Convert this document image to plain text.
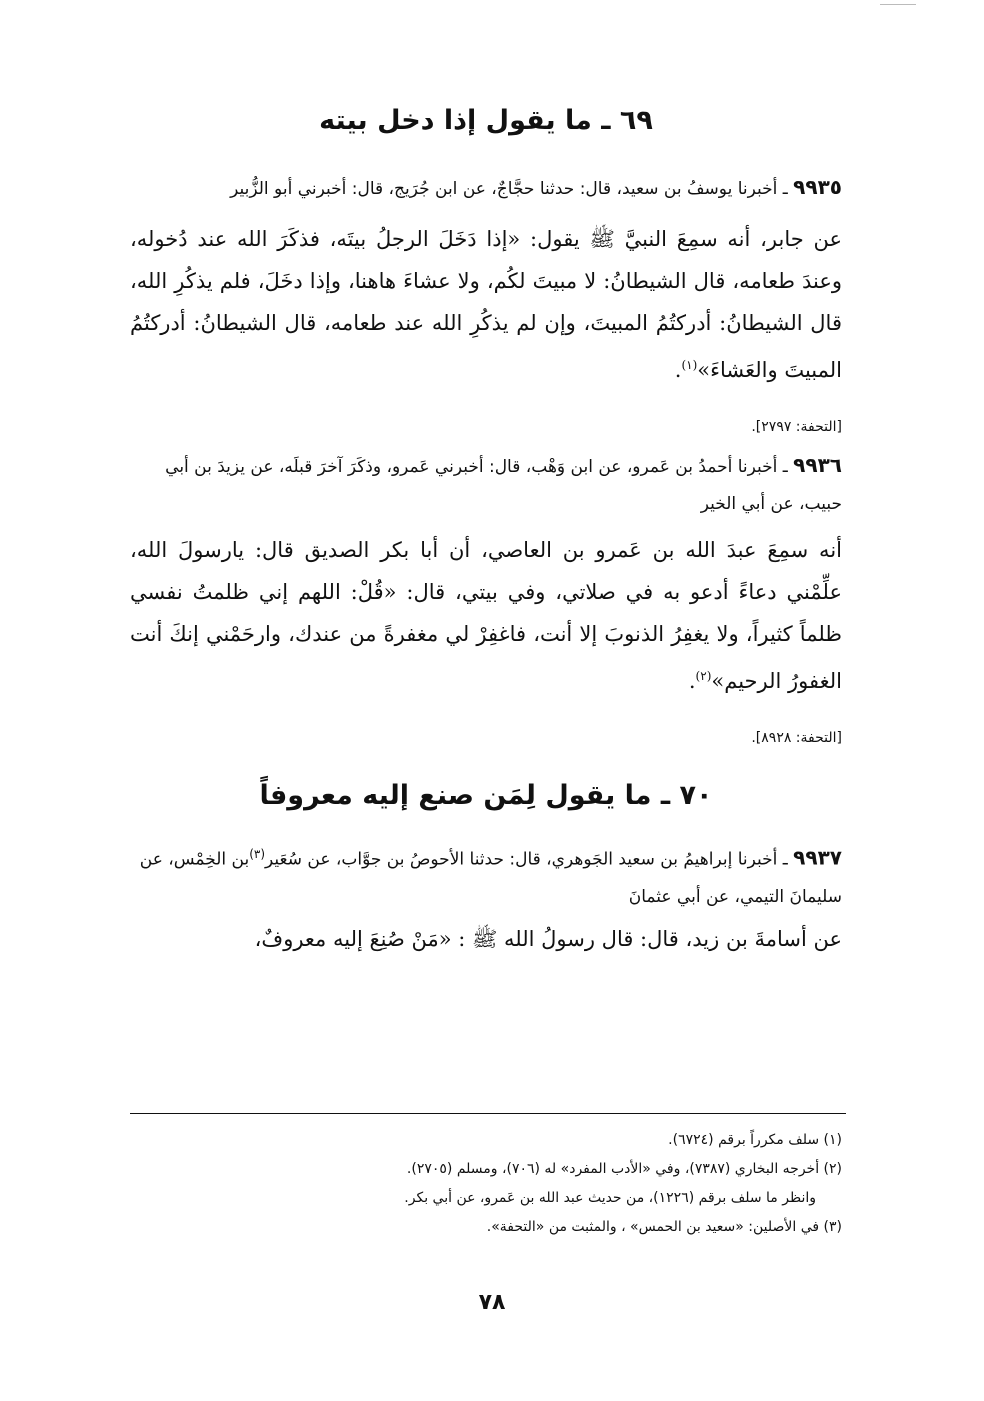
٦٩ ـ ما يقول إذا دخل بيته

٩٩٣٥ ـ أخبرنا يوسفُ بن سعيد، قال: حدثنا حجَّاجٌ، عن ابن جُرَيج، قال: أخبرني أبو الزُّبير

عن جابر، أنه سمِعَ النبيَّ ﷺ يقول: «إذا دَخَلَ الرجلُ بيتَه، فذكَرَ الله عند دُخوله، وعندَ طعامه، قال الشيطانُ: لا مبيتَ لكُم، ولا عشاءَ هاهنا، وإذا دخَلَ، فلم يذكُرِ الله، قال الشيطانُ: أدركتُمُ المبيتَ، وإن لم يذكُرِ الله عند طعامه، قال الشيطانُ: أدركتُمُ المبيتَ والعَشاءَ»$^{(١)}$.

[التحفة: ٢٧٩٧].

٩٩٣٦ ـ أخبرنا أحمدُ بن عَمرو، عن ابن وَهْب، قال: أخبرني عَمرو، وذكَرَ آخرَ قبلَه، عن يزيدَ بن أبي حبيب، عن أبي الخير

أنه سمِعَ عبدَ الله بن عَمرو بن العاصي، أن أبا بكر الصديق قال: يارسولَ الله، علِّمْني دعاءً أدعو به في صلاتي، وفي بيتي، قال: «قُلْ: اللهم إني ظلمتُ نفسي ظلماً كثيراً، ولا يغفِرُ الذنوبَ إلا أنت، فاغفِرْ لي مغفرةً من عندك، وارحَمْني إنكَ أنت الغفورُ الرحيم»$^{(٢)}$.

[التحفة: ٨٩٢٨].

٧٠ ـ ما يقول لِمَن صنع إليه معروفاً

٩٩٣٧ ـ أخبرنا إبراهيمُ بن سعيد الجَوهري، قال: حدثنا الأحوصُ بن جوَّاب، عن سُعَير$^{(٣)}$بن الخِمْس، عن سليمانَ التيمي، عن أبي عثمانَ

عن أسامةَ بن زيد، قال: قال رسولُ الله ﷺ : «مَنْ صُنِعَ إليه معروفٌ،

(١) سلف مكرراً برقم (٦٧٢٤).

(٢) أخرجه البخاري (٧٣٨٧)، وفي «الأدب المفرد» له (٧٠٦)، ومسلم (٢٧٠٥).

وانظر ما سلف برقم (١٢٢٦)، من حديث عبد الله بن عَمرو، عن أبي بكر.

(٣) في الأصلين: «سعيد بن الحمس» ، والمثبت من «التحفة».

٧٨
